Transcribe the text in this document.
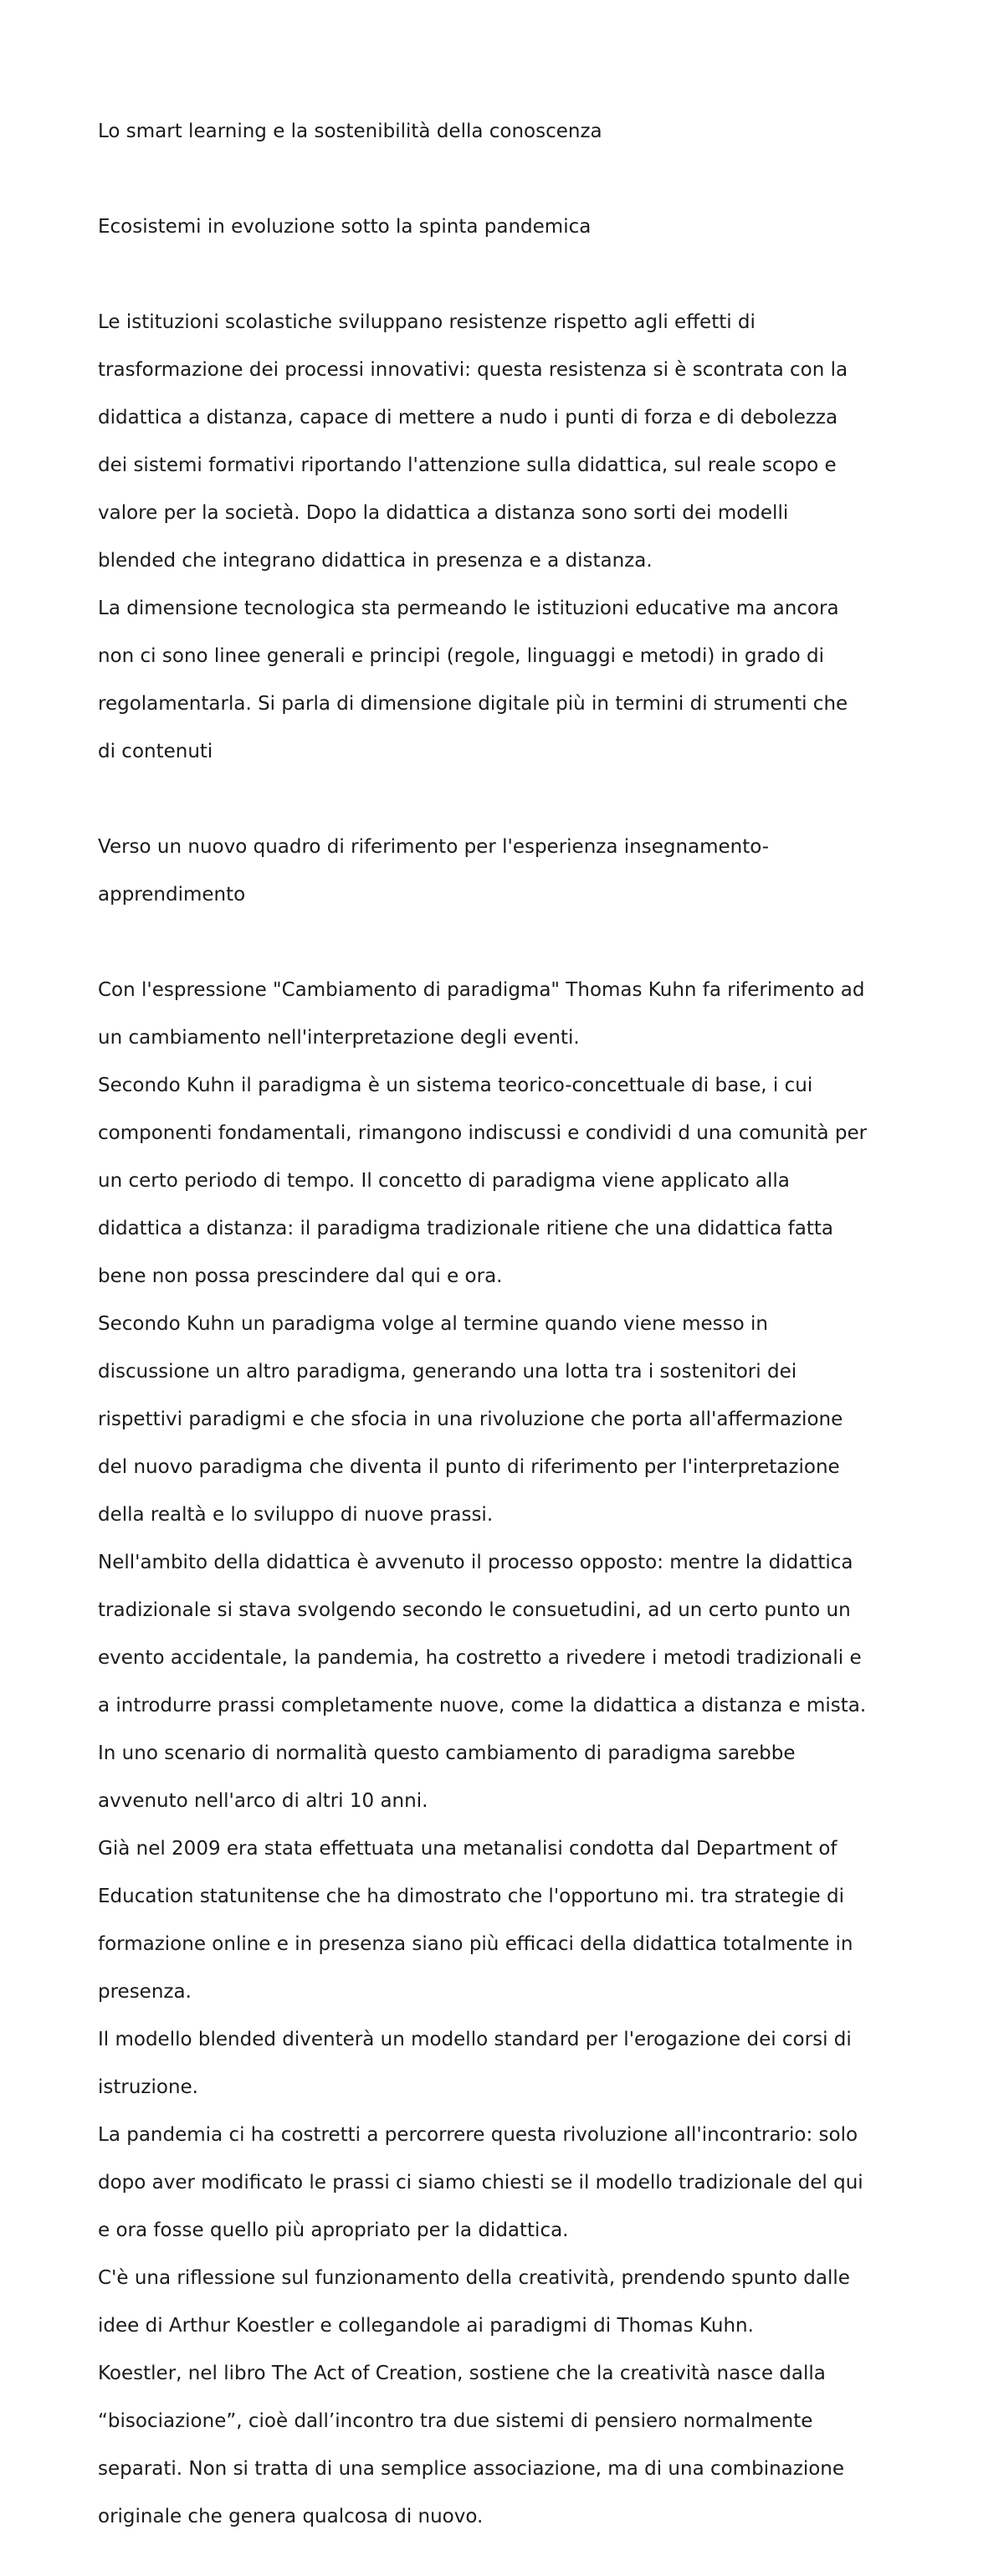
Lo smart learning e la sostenibilità della conoscenza

Ecosistemi in evoluzione sotto la spinta pandemica

Le istituzioni scolastiche sviluppano resistenze rispetto agli effetti di

trasformazione dei processi innovativi: questa resistenza si è scontrata con la

didattica a distanza, capace di mettere a nudo i punti di forza e di debolezza

dei sistemi formativi riportando l'attenzione sulla didattica, sul reale scopo e

valore per la società. Dopo la didattica a distanza sono sorti dei modelli

blended che integrano didattica in presenza e a distanza.

La dimensione tecnologica sta permeando le istituzioni educative ma ancora

non ci sono linee generali e principi (regole, linguaggi e metodi) in grado di

regolamentarla. Si parla di dimensione digitale più in termini di strumenti che

di contenuti

Verso un nuovo quadro di riferimento per l'esperienza insegnamento-

apprendimento

Con l'espressione "Cambiamento di paradigma" Thomas Kuhn fa riferimento ad

un cambiamento nell'interpretazione degli eventi.

Secondo Kuhn il paradigma è un sistema teorico-concettuale di base, i cui

componenti fondamentali, rimangono indiscussi e condividi d una comunità per

un certo periodo di tempo. Il concetto di paradigma viene applicato alla

didattica a distanza: il paradigma tradizionale ritiene che una didattica fatta

bene non possa prescindere dal qui e ora.

Secondo Kuhn un paradigma volge al termine quando viene messo in

discussione un altro paradigma, generando una lotta tra i sostenitori dei

rispettivi paradigmi e che sfocia in una rivoluzione che porta all'affermazione

del nuovo paradigma che diventa il punto di riferimento per l'interpretazione

della realtà e lo sviluppo di nuove prassi.

Nell'ambito della didattica è avvenuto il processo opposto: mentre la didattica

tradizionale si stava svolgendo secondo le consuetudini, ad un certo punto un

evento accidentale, la pandemia, ha costretto a rivedere i metodi tradizionali e

a introdurre prassi completamente nuove, come la didattica a distanza e mista.

In uno scenario di normalità questo cambiamento di paradigma sarebbe

avvenuto nell'arco di altri 10 anni.

Già nel 2009 era stata effettuata una metanalisi condotta dal Department of

Education statunitense che ha dimostrato che l'opportuno mi. tra strategie di

formazione online e in presenza siano più efficaci della didattica totalmente in

presenza.

Il modello blended diventerà un modello standard per l'erogazione dei corsi di

istruzione.

La pandemia ci ha costretti a percorrere questa rivoluzione all'incontrario: solo

dopo aver modificato le prassi ci siamo chiesti se il modello tradizionale del qui

e ora fosse quello più apropriato per la didattica.

C'è una riflessione sul funzionamento della creatività, prendendo spunto dalle

idee di Arthur Koestler e collegandole ai paradigmi di Thomas Kuhn.

Koestler, nel libro The Act of Creation, sostiene che la creatività nasce dalla

“bisociazione”, cioè dall’incontro tra due sistemi di pensiero normalmente

separati. Non si tratta di una semplice associazione, ma di una combinazione

originale che genera qualcosa di nuovo.
